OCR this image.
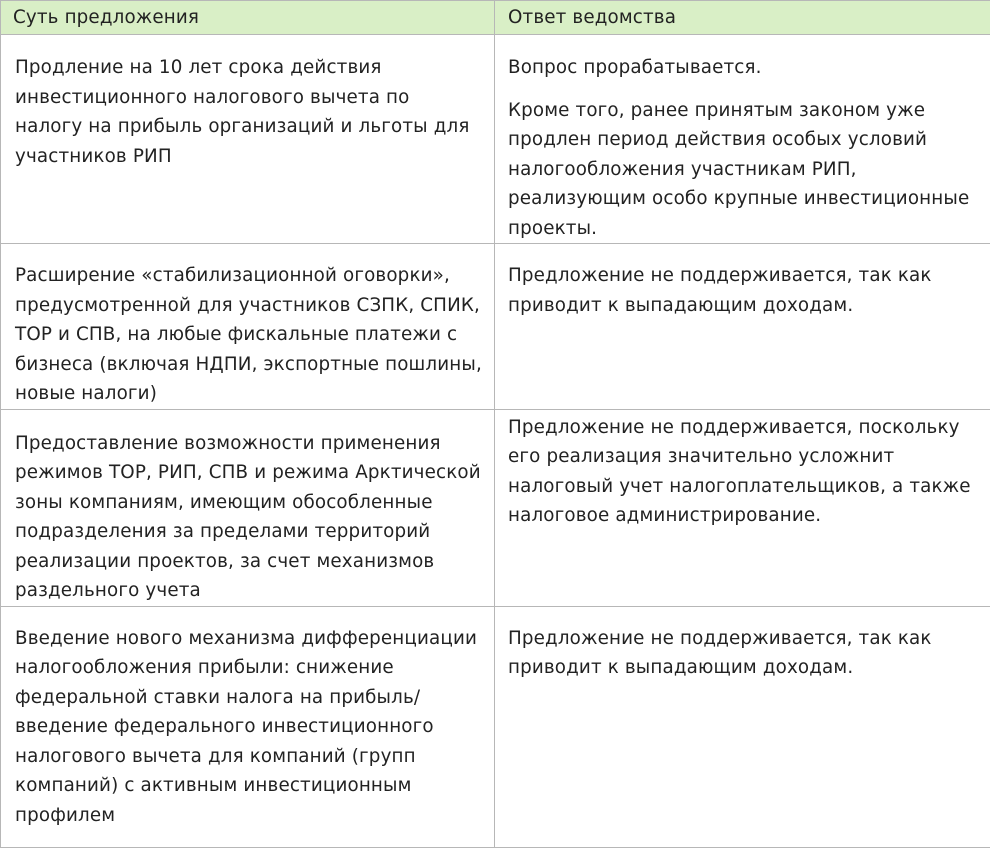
Суть предложения	Ответ ведомства

Продление на 10 лет срока действия инвестиционного налогового вычета по налогу на прибыль организаций и льготы для участников РИП	Вопрос прорабатывается.
Кроме того, ранее принятым законом уже продлен период действия особых условий налогообложения участникам РИП, реализующим особо крупные инвестиционные проекты.

Расширение «стабилизационной оговорки», предусмотренной для участников СЗПК, СПИК, ТОР и СПВ, на любые фискальные платежи с бизнеса (включая НДПИ, экспортные пошлины, новые налоги)	Предложение не поддерживается, так как приводит к выпадающим доходам.

Предоставление возможности применения режимов ТОР, РИП, СПВ и режима Арктической зоны компаниям, имеющим обособленные подразделения за пределами территорий реализации проектов, за счет механизмов раздельного учета	Предложение не поддерживается, поскольку его реализация значительно усложнит налоговый учет налогоплательщиков, а также налоговое администрирование.

Введение нового механизма дифференциации налогообложения прибыли: снижение федеральной ставки налога на прибыль/введение федерального инвестиционного налогового вычета для компаний (групп компаний) с активным инвестиционным профилем	Предложение не поддерживается, так как приводит к выпадающим доходам.
